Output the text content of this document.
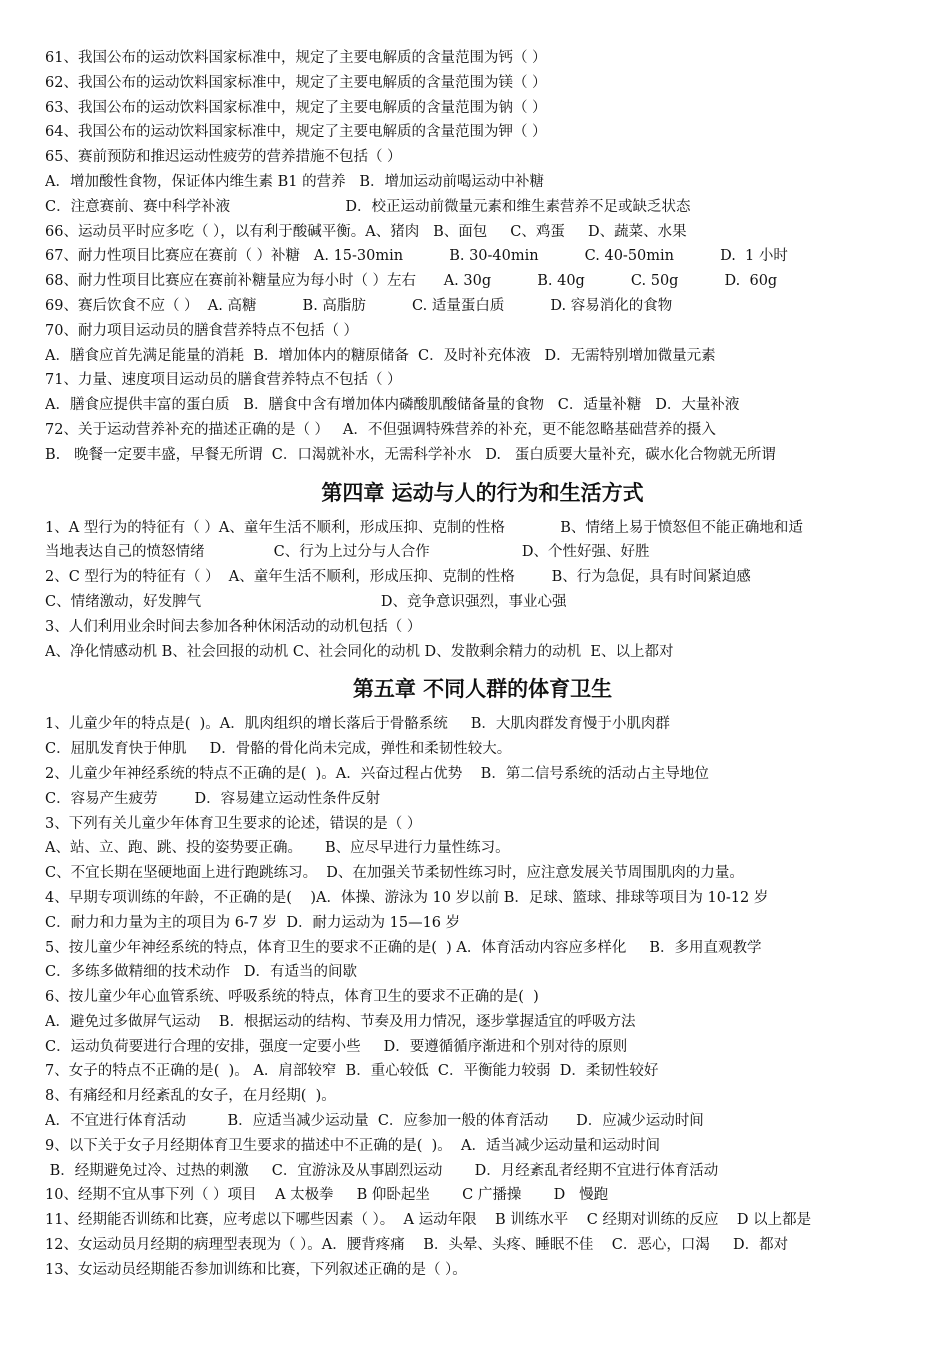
61、我国公布的运动饮料国家标准中，规定了主要电解质的含量范围为钙（ ）
62、我国公布的运动饮料国家标准中，规定了主要电解质的含量范围为镁（ ）
63、我国公布的运动饮料国家标准中，规定了主要电解质的含量范围为钠（ ）
64、我国公布的运动饮料国家标准中，规定了主要电解质的含量范围为钾（ ）
65、赛前预防和推迟运动性疲劳的营养措施不包括（ ）
A．增加酸性食物，保证体内维生素 B1 的营养   B．增加运动前喝运动中补糖
C．注意赛前、赛中科学补液                         D．校正运动前微量元素和维生素营养不足或缺乏状态
66、运动员平时应多吃（ ），以有利于酸碱平衡。A、猪肉   B、面包     C、鸡蛋     D、蔬菜、水果
67、耐力性项目比赛应在赛前（ ）补糖   A. 15-30min          B. 30-40min          C. 40-50min          D.  1 小时
68、耐力性项目比赛应在赛前补糖量应为每小时（ ）左右      A. 30g          B. 40g          C. 50g          D.  60g
69、赛后饮食不应（ ）  A. 高糖          B. 高脂肪          C. 适量蛋白质          D. 容易消化的食物
70、耐力项目运动员的膳食营养特点不包括（ ）
A．膳食应首先满足能量的消耗  B．增加体内的糖原储备  C．及时补充体液   D．无需特别增加微量元素
71、力量、速度项目运动员的膳食营养特点不包括（ ）
A．膳食应提供丰富的蛋白质   B．膳食中含有增加体内磷酸肌酸储备量的食物   C．适量补糖   D．大量补液
72、关于运动营养补充的描述正确的是（ ）   A．不但强调特殊营养的补充，更不能忽略基础营养的摄入
B.   晚餐一定要丰盛，早餐无所谓  C．口渴就补水，无需科学补水   D.   蛋白质要大量补充，碳水化合物就无所谓
第四章 运动与人的行为和生活方式
1、A 型行为的特征有（ ）A、童年生活不顺利，形成压抑、克制的性格            B、情绪上易于愤怒但不能正确地和适
当地表达自己的愤怒情绪               C、行为上过分与人合作                    D、个性好强、好胜
2、C 型行为的特征有（ ）  A、童年生活不顺利，形成压抑、克制的性格        B、行为急促，具有时间紧迫感
C、情绪激动，好发脾气                                       D、竞争意识强烈，事业心强
3、人们利用业余时间去参加各种休闲活动的动机包括（ ）
A、净化情感动机 B、社会回报的动机 C、社会同化的动机 D、发散剩余精力的动机  E、以上都对
第五章 不同人群的体育卫生
1、儿童少年的特点是(  )。A．肌肉组织的增长落后于骨骼系统     B．大肌肉群发育慢于小肌肉群
C．屈肌发育快于伸肌     D．骨骼的骨化尚未完成，弹性和柔韧性较大。
2、儿童少年神经系统的特点不正确的是(  )。A．兴奋过程占优势    B．第二信号系统的活动占主导地位
C．容易产生疲劳        D．容易建立运动性条件反射
3、下列有关儿童少年体育卫生要求的论述，错误的是（ ）
A、站、立、跑、跳、投的姿势要正确。     B、应尽早进行力量性练习。
C、不宜长期在坚硬地面上进行跑跳练习。  D、在加强关节柔韧性练习时，应注意发展关节周围肌肉的力量。
4、早期专项训练的年龄，不正确的是(    )A．体操、游泳为 10 岁以前 B．足球、篮球、排球等项目为 10-12 岁
C．耐力和力量为主的项目为 6-7 岁  D．耐力运动为 15—16 岁
5、按儿童少年神经系统的特点，体育卫生的要求不正确的是(  ) A．体育活动内容应多样化     B．多用直观教学
C．多练多做精细的技术动作   D．有适当的间歇
6、按儿童少年心血管系统、呼吸系统的特点，体育卫生的要求不正确的是(  )
A．避免过多做屏气运动    B．根据运动的结构、节奏及用力情况，逐步掌握适宜的呼吸方法
C．运动负荷要进行合理的安排，强度一定要小些     D．要遵循循序渐进和个别对待的原则
7、女子的特点不正确的是(  )。 A．肩部较窄  B．重心较低  C．平衡能力较弱  D．柔韧性较好
8、有痛经和月经紊乱的女子，在月经期(  )。
A．不宜进行体育活动         B．应适当减少运动量  C．应参加一般的体育活动      D．应减少运动时间
9、以下关于女子月经期体育卫生要求的描述中不正确的是(  )。  A．适当减少运动量和运动时间
B．经期避免过冷、过热的刺激     C．宜游泳及从事剧烈运动       D．月经紊乱者经期不宜进行体育活动
10、经期不宜从事下列（ ）项目    A 太极拳     B 仰卧起坐       C 广播操       D   慢跑
11、经期能否训练和比赛，应考虑以下哪些因素（ ）。  A 运动年限    B 训练水平    C 经期对训练的反应    D 以上都是
12、女运动员月经期的病理型表现为（ ）。A．腰背疼痛    B．头晕、头疼、睡眠不佳    C．恶心，口渴     D．都对
13、女运动员经期能否参加训练和比赛，下列叙述正确的是（ ）。
